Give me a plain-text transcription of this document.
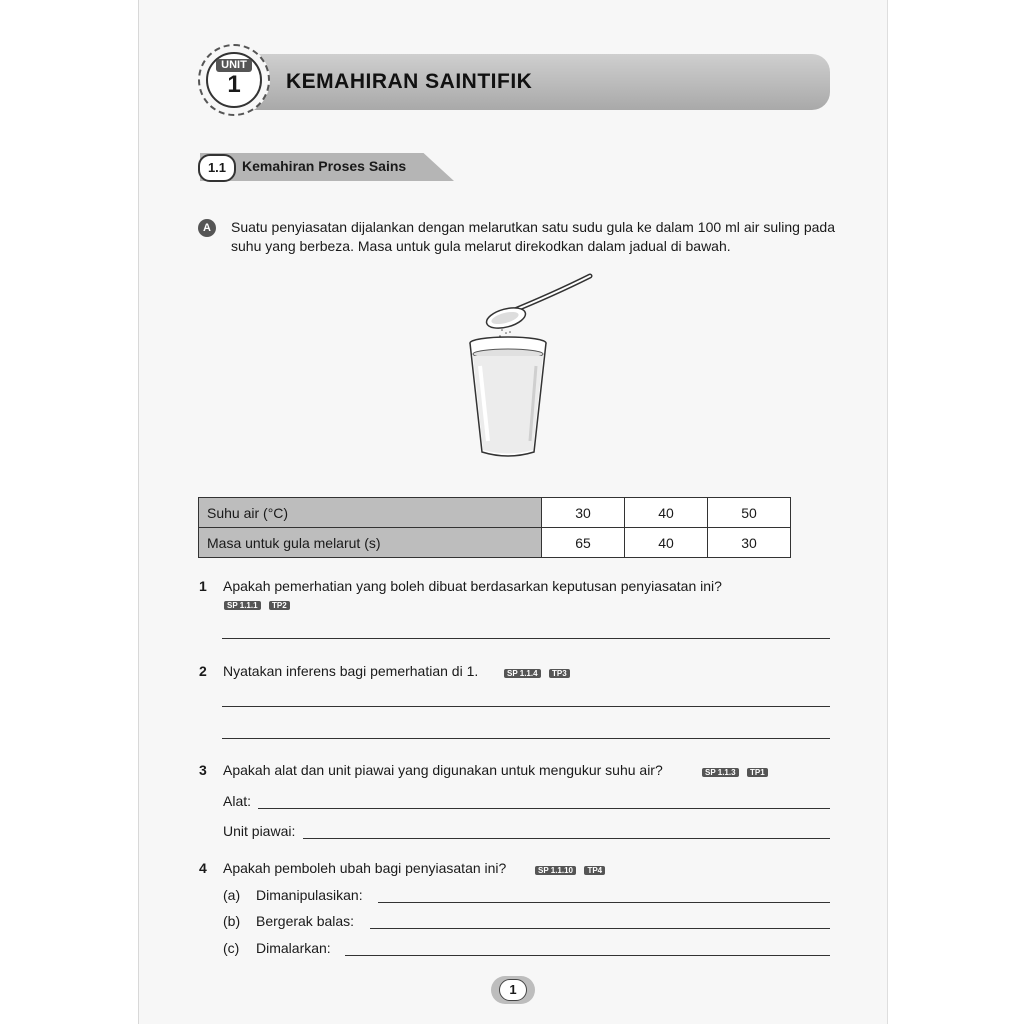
KEMAHIRAN SAINTIFIK
UNIT
1
1.1	Kemahiran Proses Sains
A	Suatu penyiasatan dijalankan dengan melarutkan satu sudu gula ke dalam 100 ml air suling pada suhu yang berbeza. Masa untuk gula melarut direkodkan dalam jadual di bawah.
Suhu air (°C)	30	40	50
Masa untuk gula melarut (s)	65	40	30
1 Apakah pemerhatian yang boleh dibuat berdasarkan keputusan penyiasatan ini?
SP 1.1.1 TP2
2 Nyatakan inferens bagi pemerhatian di 1.	SP 1.1.4 TP3
3 Apakah alat dan unit piawai yang digunakan untuk mengukur suhu air?	SP 1.1.3 TP1
Alat:
Unit piawai:
4 Apakah pemboleh ubah bagi penyiasatan ini?	SP 1.1.10 TP4
(a) Dimanipulasikan:
(b) Bergerak balas:
(c) Dimalarkan:
1
